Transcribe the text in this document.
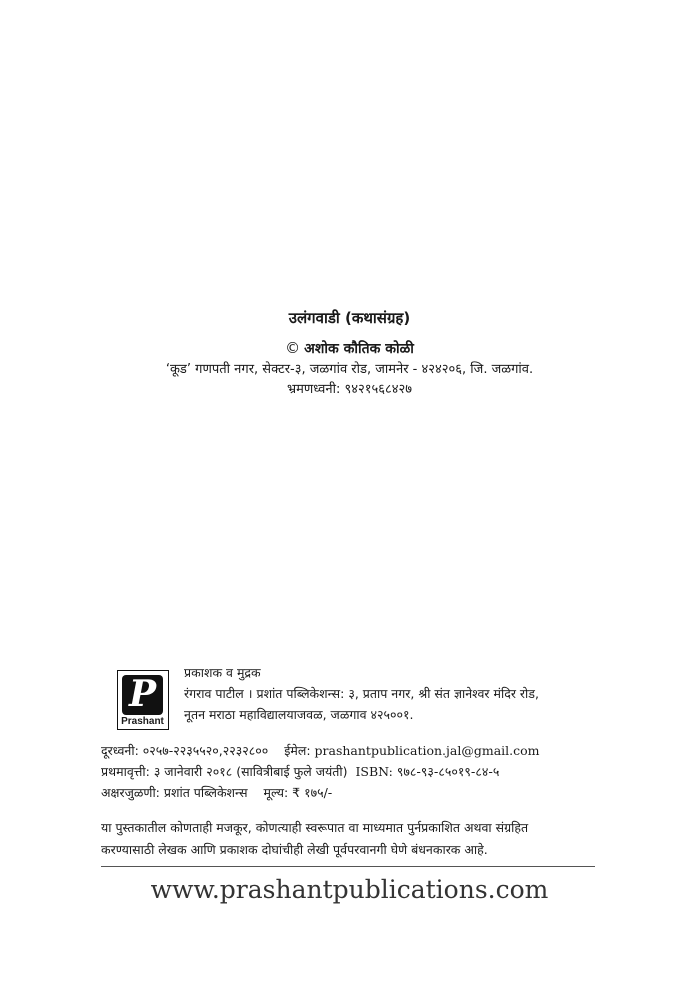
उलंगवाडी (कथासंग्रह)
© अशोक कौतिक कोळी
‘कूड’ गणपती नगर, सेक्टर-३, जळगांव रोड, जामनेर - ४२४२०६, जि. जळगांव.
भ्रमणध्वनी: ९४२१५६८४२७
P
Prashant
प्रकाशक व मुद्रक
रंगराव पाटील । प्रशांत पब्लिकेशन्स: ३, प्रताप नगर, श्री संत ज्ञानेश्वर मंदिर रोड,
नूतन मराठा महाविद्यालयाजवळ, जळगाव ४२५००१.
दूरध्वनी: ०२५७-२२३५५२०,२२३२८०० ईमेल: prashantpublication.jal@gmail.com
प्रथमावृत्ती: ३ जानेवारी २०१८ (सावित्रीबाई फुले जयंती) ISBN: ९७८-९३-८५०१९-८४-५
अक्षरजुळणी: प्रशांत पब्लिकेशन्स मूल्य: ₹ १७५/-
या पुस्तकातील कोणताही मजकूर, कोणत्याही स्वरूपात वा माध्यमात पुर्नप्रकाशित अथवा संग्रहित
करण्यासाठी लेखक आणि प्रकाशक दोघांचीही लेखी पूर्वपरवानगी घेणे बंधनकारक आहे.
www.prashantpublications.com
